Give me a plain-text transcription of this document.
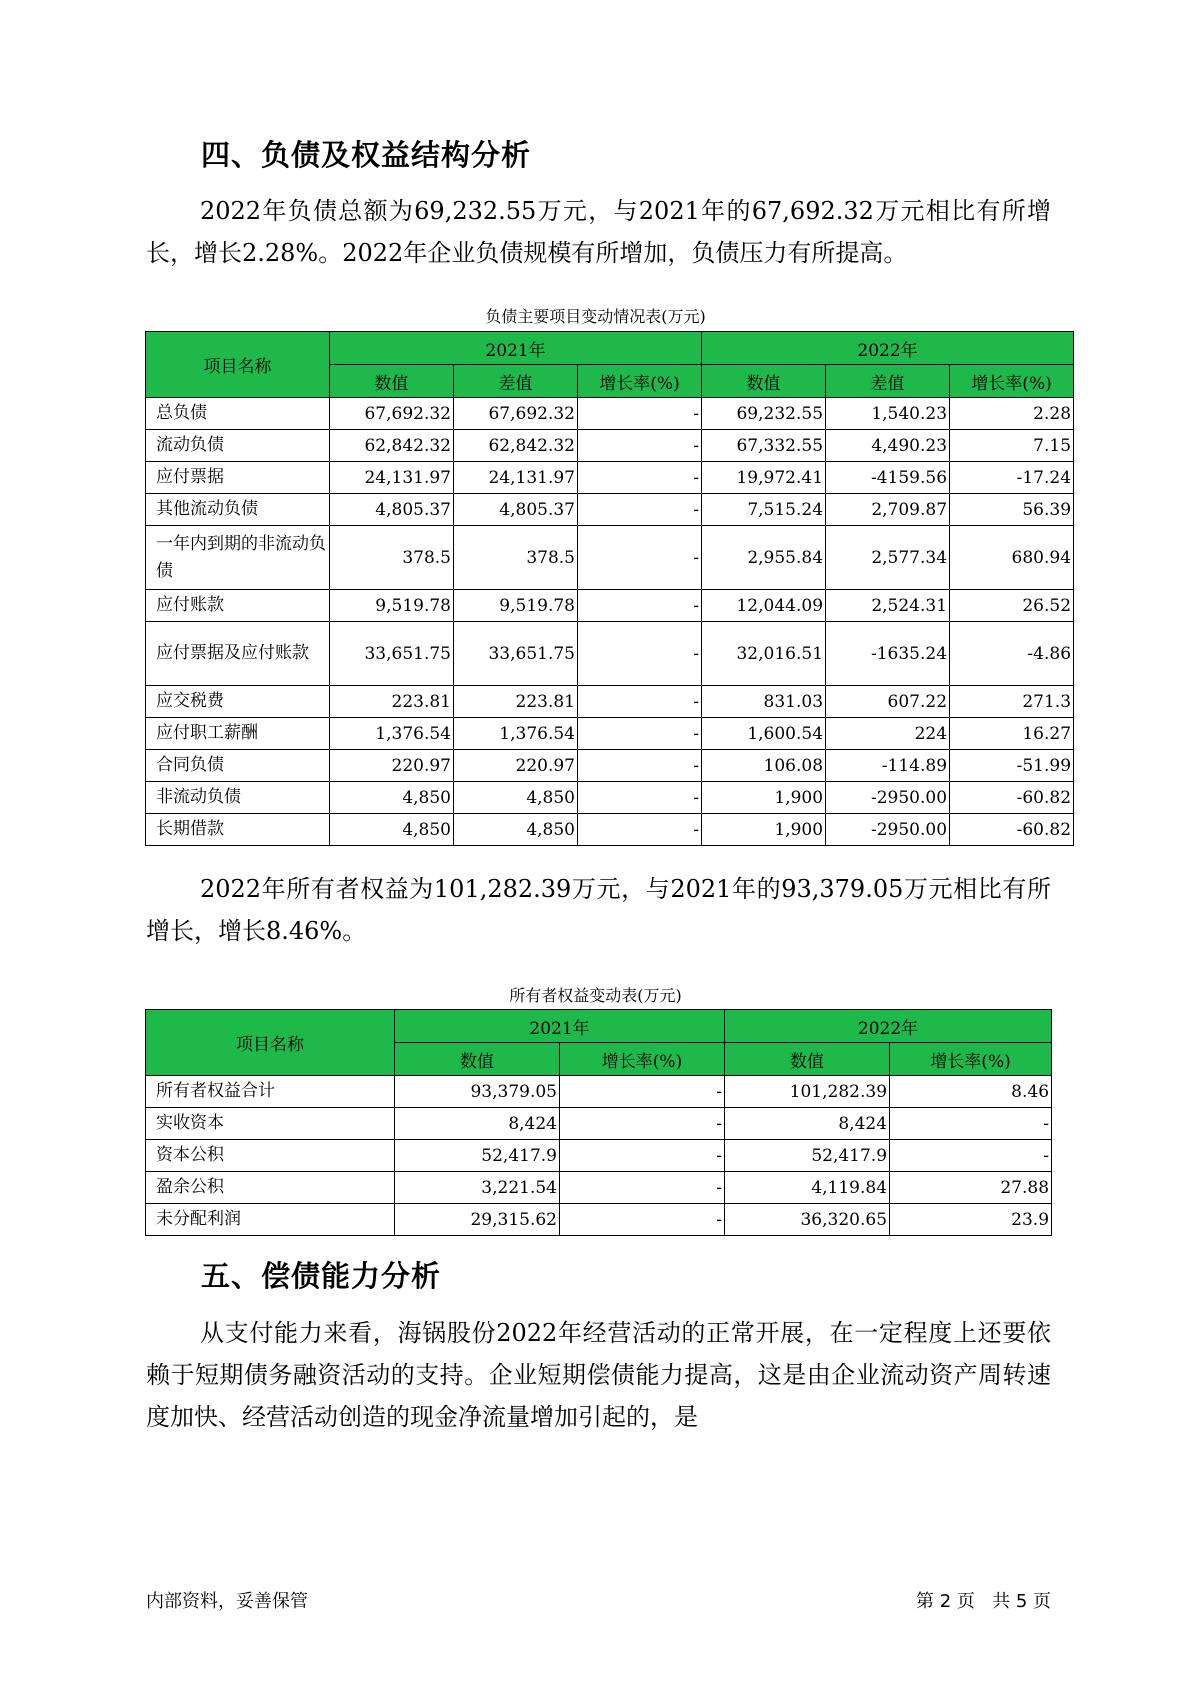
四、负债及权益结构分析

2022年负债总额为69,232.55万元，与2021年的67,692.32万元相比有所增长，增长2.28%。2022年企业负债规模有所增加，负债压力有所提高。

负债主要项目变动情况表(万元)

项目名称	2021年			2022年		
	数值	差值	增长率(%)	数值	差值	增长率(%)
总负债	67,692.32	67,692.32	-	69,232.55	1,540.23	2.28
流动负债	62,842.32	62,842.32	-	67,332.55	4,490.23	7.15
应付票据	24,131.97	24,131.97	-	19,972.41	-4159.56	-17.24
其他流动负债	4,805.37	4,805.37	-	7,515.24	2,709.87	56.39
一年内到期的非流动负债	378.5	378.5	-	2,955.84	2,577.34	680.94
应付账款	9,519.78	9,519.78	-	12,044.09	2,524.31	26.52
应付票据及应付账款	33,651.75	33,651.75	-	32,016.51	-1635.24	-4.86
应交税费	223.81	223.81	-	831.03	607.22	271.3
应付职工薪酬	1,376.54	1,376.54	-	1,600.54	224	16.27
合同负债	220.97	220.97	-	106.08	-114.89	-51.99
非流动负债	4,850	4,850	-	1,900	-2950.00	-60.82
长期借款	4,850	4,850	-	1,900	-2950.00	-60.82

2022年所有者权益为101,282.39万元，与2021年的93,379.05万元相比有所增长，增长8.46%。

所有者权益变动表(万元)

项目名称	2021年		2022年	
	数值	增长率(%)	数值	增长率(%)
所有者权益合计	93,379.05	-	101,282.39	8.46
实收资本	8,424	-	8,424	-
资本公积	52,417.9	-	52,417.9	-
盈余公积	3,221.54	-	4,119.84	27.88
未分配利润	29,315.62	-	36,320.65	23.9
五、偿债能力分析

从支付能力来看，海锅股份2022年经营活动的正常开展，在一定程度上还要依赖于短期债务融资活动的支持。企业短期偿债能力提高，这是由企业流动资产周转速度加快、经营活动创造的现金净流量增加引起的，是

内部资料，妥善保管	第 2 页   共 5 页
